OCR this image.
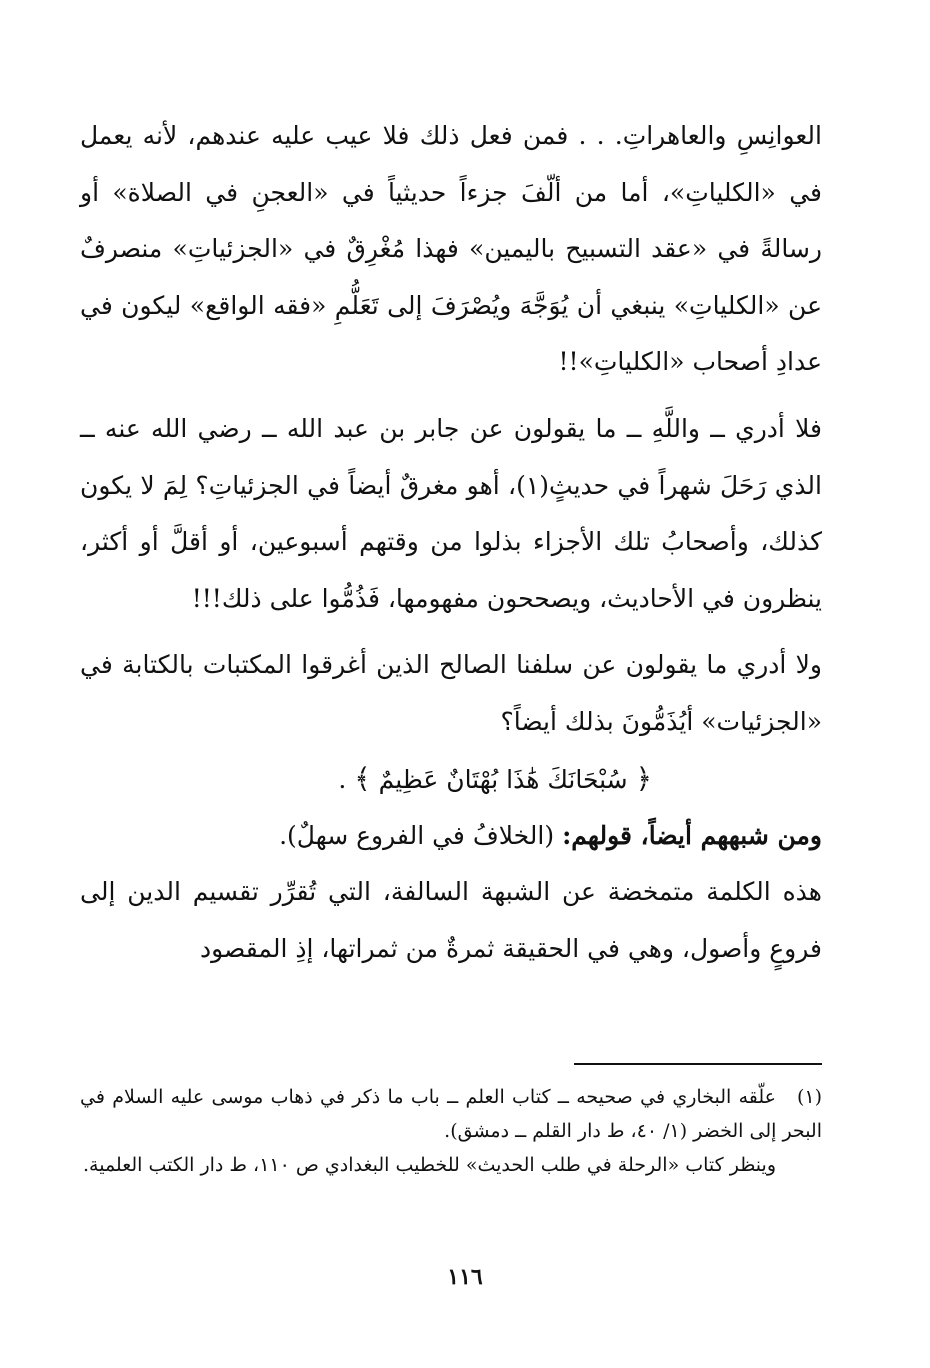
العوانِسِ والعاهراتِ. . . فمن فعل ذلك فلا عيب عليه عندهم، لأنه يعمل في «الكلياتِ»، أما من ألّفَ جزءاً حديثياً في «العجنِ في الصلاة» أو رسالةً في «عقد التسبيح باليمين» فهذا مُغْرِقٌ في «الجزئياتِ» منصرفٌ عن «الكلياتِ» ينبغي أن يُوَجَّهَ ويُصْرَفَ إلى تَعَلُّمِ «فقه الواقع» ليكون في عدادِ أصحاب «الكلياتِ»!!

فلا أدري ــ واللَّهِ ــ ما يقولون عن جابر بن عبد الله ــ رضي الله عنه ــ الذي رَحَلَ شهراً في حديثٍ(١)، أهو مغرقٌ أيضاً في الجزئياتِ؟ لِمَ لا يكون كذلك، وأصحابُ تلك الأجزاء بذلوا من وقتهم أسبوعين، أو أقلَّ أو أكثر، ينظرون في الأحاديث، ويصححون مفهومها، فَذُمُّوا على ذلك!!!

ولا أدري ما يقولون عن سلفنا الصالح الذين أغرقوا المكتبات بالكتابة في «الجزئيات» أيُذَمُّونَ بذلك أيضاً؟

﴿ سُبْحَانَكَ هَٰذَا بُهْتَانٌ عَظِيمٌ ﴾ .

ومن شبههم أيضاً، قولهم: (الخلافُ في الفروع سهلٌ).

هذه الكلمة متمخضة عن الشبهة السالفة، التي تُقرِّر تقسيم الدين إلى فروعٍ وأصول، وهي في الحقيقة ثمرةٌ من ثمراتها، إذِ المقصود

(١)علّقه البخاري في صحيحه ــ كتاب العلم ــ باب ما ذكر في ذهاب موسى عليه السلام في البحر إلى الخضر (١/ ٤٠، ط دار القلم ــ دمشق).

وينظر كتاب «الرحلة في طلب الحديث» للخطيب البغدادي ص ١١٠، ط دار الكتب العلمية.

١١٦
